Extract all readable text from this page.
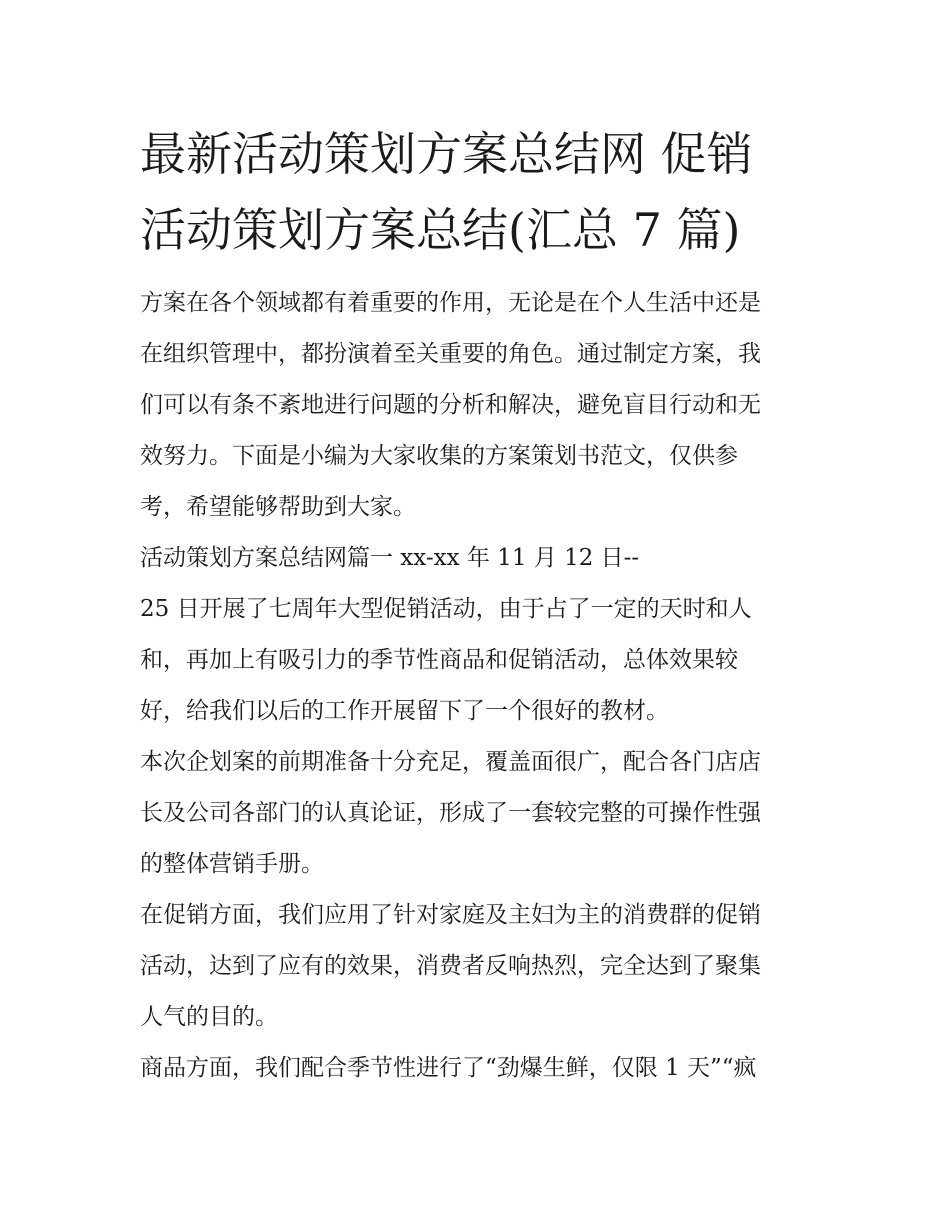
最新活动策划方案总结网 促销
活动策划方案总结(汇总 7 篇)

方案在各个领域都有着重要的作用，无论是在个人生活中还是
在组织管理中，都扮演着至关重要的角色。通过制定方案，我
们可以有条不紊地进行问题的分析和解决，避免盲目行动和无
效努力。下面是小编为大家收集的方案策划书范文，仅供参
考，希望能够帮助到大家。

活动策划方案总结网篇一 xx-xx 年 11 月 12 日--

25 日开展了七周年大型促销活动，由于占了一定的天时和人
和，再加上有吸引力的季节性商品和促销活动，总体效果较
好，给我们以后的工作开展留下了一个很好的教材。

本次企划案的前期准备十分充足，覆盖面很广，配合各门店店
长及公司各部门的认真论证，形成了一套较完整的可操作性强
的整体营销手册。

在促销方面，我们应用了针对家庭及主妇为主的消费群的促销
活动，达到了应有的效果，消费者反响热烈，完全达到了聚集
人气的目的。

商品方面，我们配合季节性进行了“劲爆生鲜，仅限 1 天”“疯
